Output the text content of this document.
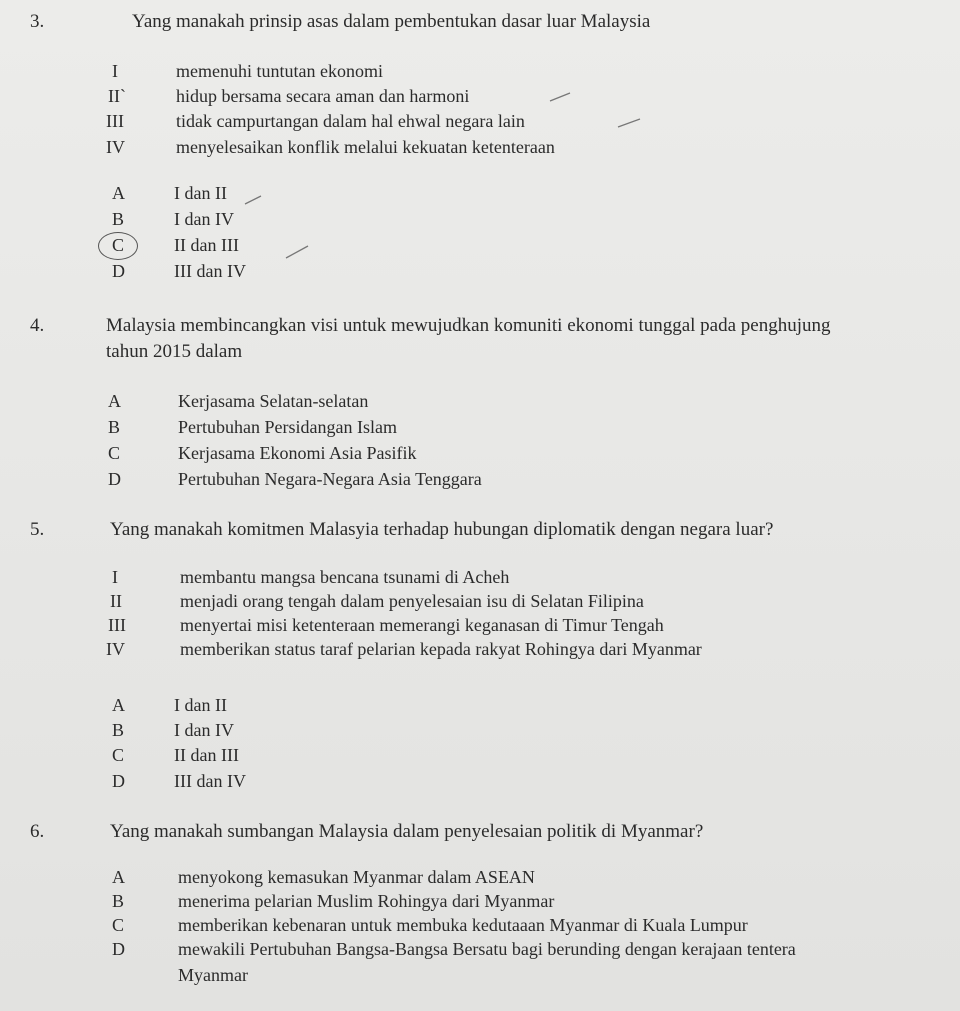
3.	Yang manakah prinsip asas dalam pembentukan dasar luar Malaysia
I	memenuhi tuntutan ekonomi
II`	hidup bersama secara aman dan harmoni
III	tidak campurtangan dalam hal ehwal negara lain
IV	menyelesaikan konflik melalui kekuatan ketenteraan
A	I dan II
B	I dan IV
C	II dan III
D	III dan IV
4.	Malaysia membincangkan visi untuk mewujudkan komuniti ekonomi tunggal pada penghujung
tahun 2015 dalam
A	Kerjasama Selatan-selatan
B	Pertubuhan Persidangan Islam
C	Kerjasama Ekonomi Asia Pasifik
D	Pertubuhan Negara-Negara Asia Tenggara
5.	Yang manakah komitmen Malasyia terhadap hubungan diplomatik dengan negara luar?
I	membantu mangsa bencana tsunami di Acheh
II	menjadi orang tengah dalam penyelesaian isu di Selatan Filipina
III	menyertai misi ketenteraan memerangi keganasan di Timur Tengah
IV	memberikan status taraf pelarian kepada rakyat Rohingya dari Myanmar
A	I dan II
B	I dan IV
C	II dan III
D	III dan IV
6.	Yang manakah sumbangan Malaysia dalam penyelesaian politik di Myanmar?
A	menyokong kemasukan Myanmar dalam ASEAN
B	menerima pelarian Muslim Rohingya dari Myanmar
C	memberikan kebenaran untuk membuka kedutaaan Myanmar di Kuala Lumpur
D	mewakili Pertubuhan Bangsa-Bangsa Bersatu bagi berunding dengan kerajaan tentera
Myanmar
